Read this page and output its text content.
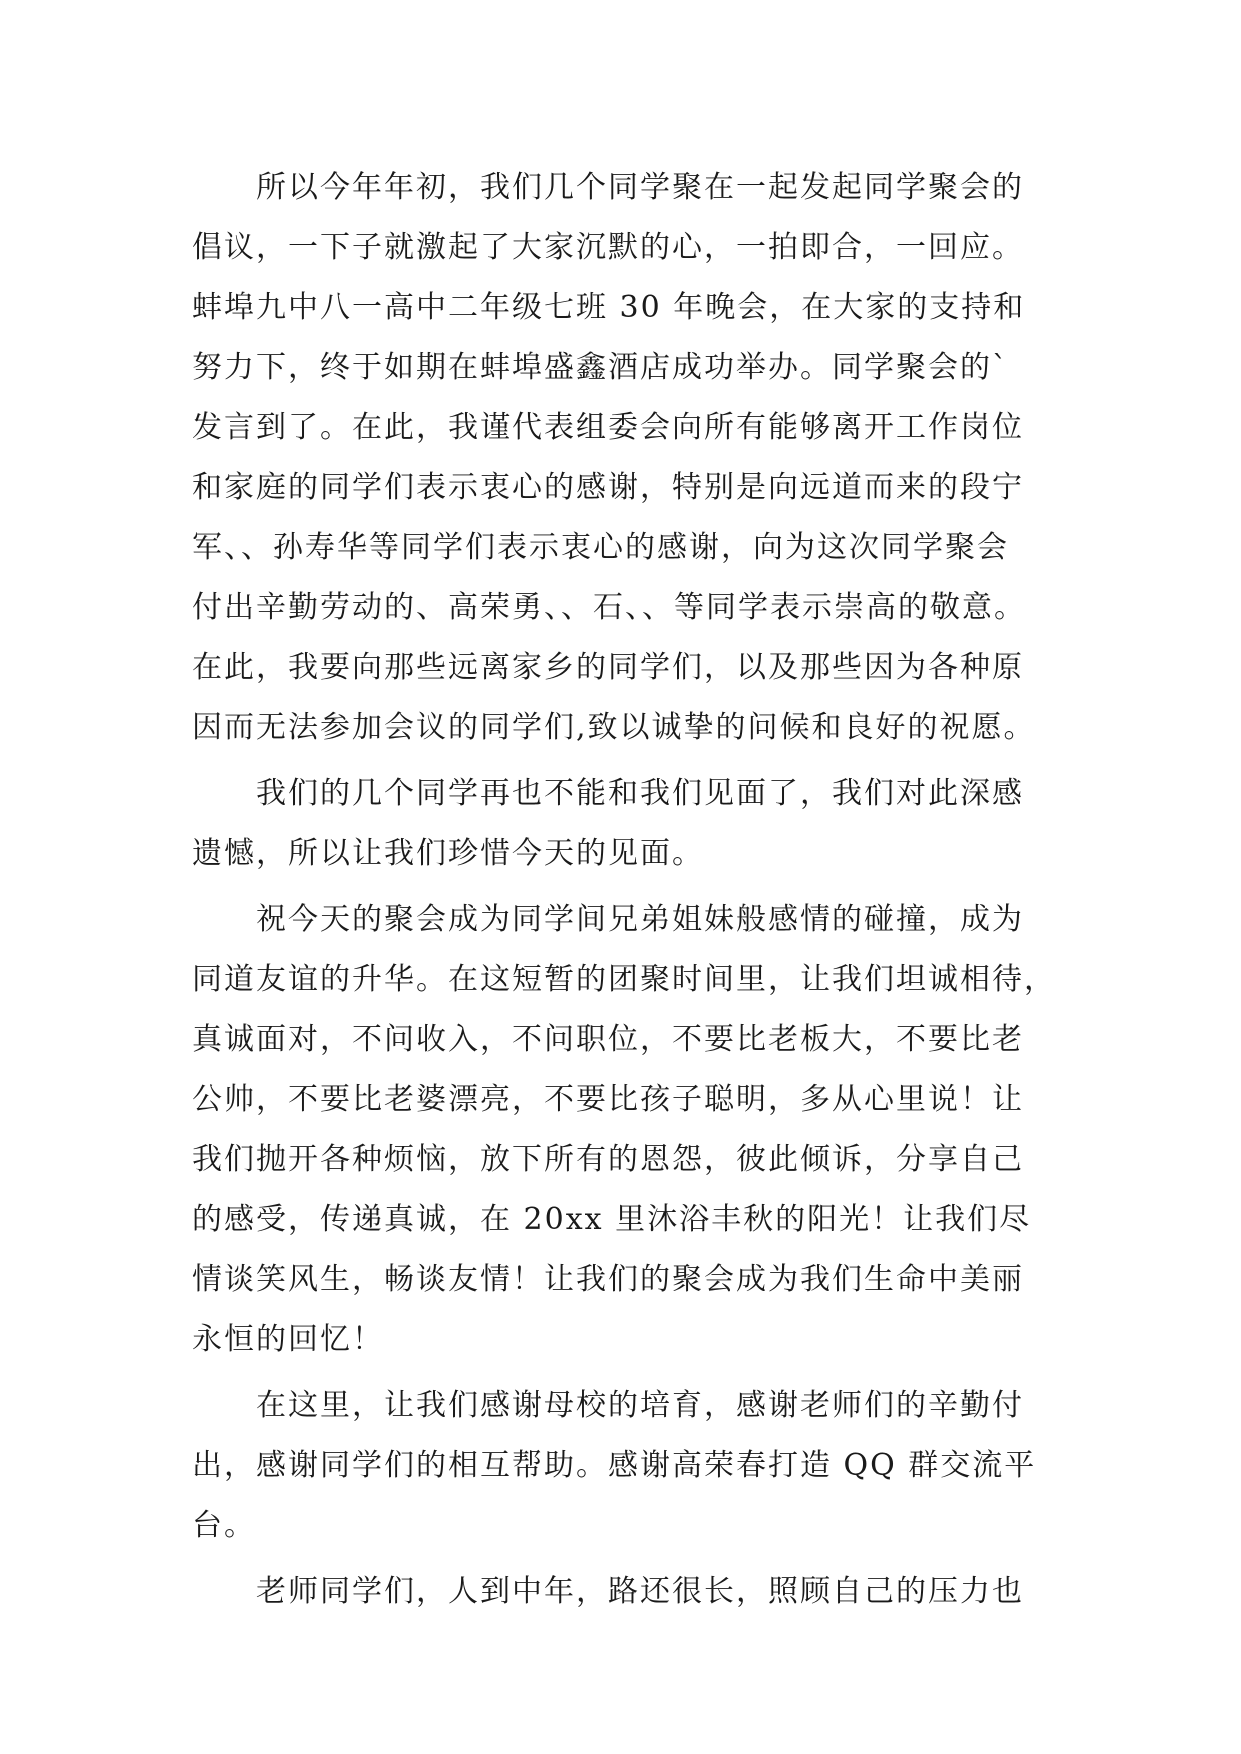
所以今年年初，我们几个同学聚在一起发起同学聚会的
倡议，一下子就激起了大家沉默的心，一拍即合，一回应。
蚌埠九中八一高中二年级七班 30 年晚会，在大家的支持和
努力下，终于如期在蚌埠盛鑫酒店成功举办。同学聚会的`
发言到了。在此，我谨代表组委会向所有能够离开工作岗位
和家庭的同学们表示衷心的感谢，特别是向远道而来的段宁
军、、孙寿华等同学们表示衷心的感谢，向为这次同学聚会
付出辛勤劳动的、高荣勇、、石、、等同学表示崇高的敬意。
在此，我要向那些远离家乡的同学们，以及那些因为各种原
因而无法参加会议的同学们,致以诚挚的问候和良好的祝愿。
我们的几个同学再也不能和我们见面了，我们对此深感
遗憾，所以让我们珍惜今天的见面。
祝今天的聚会成为同学间兄弟姐妹般感情的碰撞，成为
同道友谊的升华。在这短暂的团聚时间里，让我们坦诚相待，
真诚面对，不问收入，不问职位，不要比老板大，不要比老
公帅，不要比老婆漂亮，不要比孩子聪明，多从心里说！让
我们抛开各种烦恼，放下所有的恩怨，彼此倾诉，分享自己
的感受，传递真诚，在 20xx 里沐浴丰秋的阳光！让我们尽
情谈笑风生，畅谈友情！让我们的聚会成为我们生命中美丽
永恒的回忆！
在这里，让我们感谢母校的培育，感谢老师们的辛勤付
出，感谢同学们的相互帮助。感谢高荣春打造 QQ 群交流平
台。
老师同学们，人到中年，路还很长，照顾自己的压力也
